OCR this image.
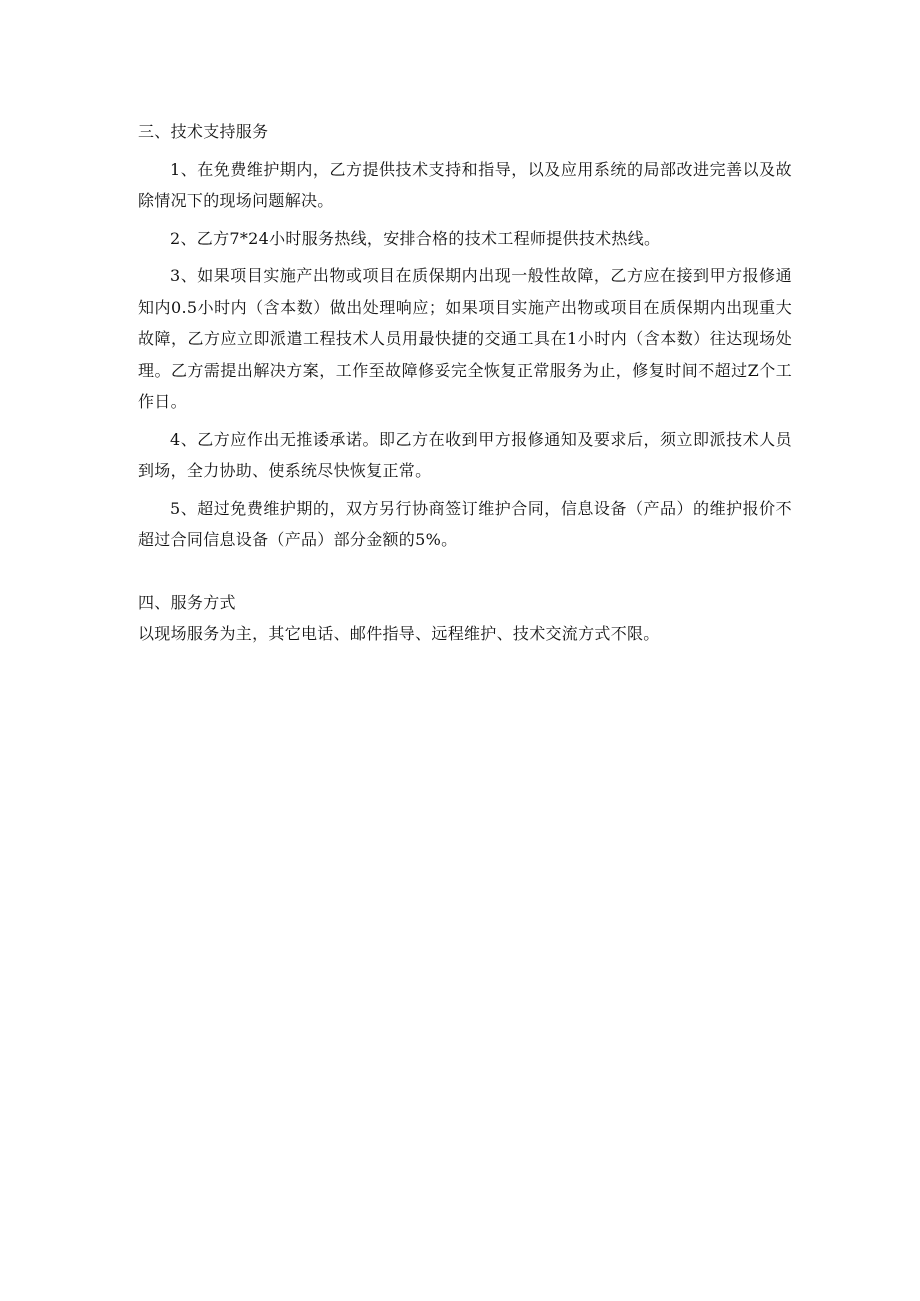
三、技术支持服务

1、在免费维护期内，乙方提供技术支持和指导，以及应用系统的局部改进完善以及故除情况下的现场问题解决。

2、乙方7*24小时服务热线，安排合格的技术工程师提供技术热线。

3、如果项目实施产出物或项目在质保期内出现一般性故障，乙方应在接到甲方报修通知内0.5小时内（含本数）做出处理响应；如果项目实施产出物或项目在质保期内出现重大故障，乙方应立即派遣工程技术人员用最快捷的交通工具在1小时内（含本数）往达现场处理。乙方需提出解决方案，工作至故障修妥完全恢复正常服务为止，修复时间不超过Z个工作日。

4、乙方应作出无推诿承诺。即乙方在收到甲方报修通知及要求后，须立即派技术人员到场，全力协助、使系统尽快恢复正常。

5、超过免费维护期的，双方另行协商签订维护合同，信息设备（产品）的维护报价不超过合同信息设备（产品）部分金额的5%。

四、服务方式

以现场服务为主，其它电话、邮件指导、远程维护、技术交流方式不限。
